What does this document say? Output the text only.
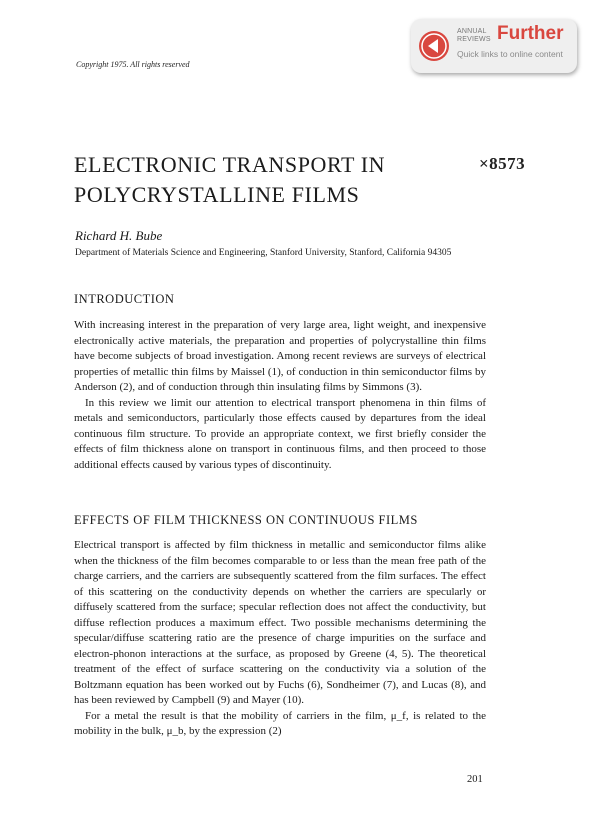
ANNUAL
REVIEWS Further
Quick links to online content
Copyright 1975. All rights reserved
ELECTRONIC TRANSPORT IN POLYCRYSTALLINE FILMS
×8573
Richard H. Bube
Department of Materials Science and Engineering, Stanford University, Stanford, California 94305
INTRODUCTION

With increasing interest in the preparation of very large area, light weight, and inexpensive electronically active materials, the preparation and properties of polycrystalline thin films have become subjects of broad investigation. Among recent reviews are surveys of electrical properties of metallic thin films by Maissel (1), of conduction in thin semiconductor films by Anderson (2), and of conduction through thin insulating films by Simmons (3).

In this review we limit our attention to electrical transport phenomena in thin films of metals and semiconductors, particularly those effects caused by departures from the ideal continuous film structure. To provide an appropriate context, we first briefly consider the effects of film thickness alone on transport in continuous films, and then proceed to those additional effects caused by various types of discontinuity.

EFFECTS OF FILM THICKNESS ON CONTINUOUS FILMS

Electrical transport is affected by film thickness in metallic and semiconductor films alike when the thickness of the film becomes comparable to or less than the mean free path of the charge carriers, and the carriers are subsequently scattered from the film surfaces. The effect of this scattering on the conductivity depends on whether the carriers are specularly or diffusely scattered from the surface; specular reflection does not affect the conductivity, but diffuse reflection produces a maximum effect. Two possible mechanisms determining the specular/diffuse scattering ratio are the presence of charge impurities on the surface and electron-phonon interactions at the surface, as proposed by Greene (4, 5). The theoretical treatment of the effect of surface scattering on the conductivity via a solution of the Boltzmann equation has been worked out by Fuchs (6), Sondheimer (7), and Lucas (8), and has been reviewed by Campbell (9) and Mayer (10).

For a metal the result is that the mobility of carriers in the film, μ_f, is related to the mobility in the bulk, μ_b, by the expression (2)

201
